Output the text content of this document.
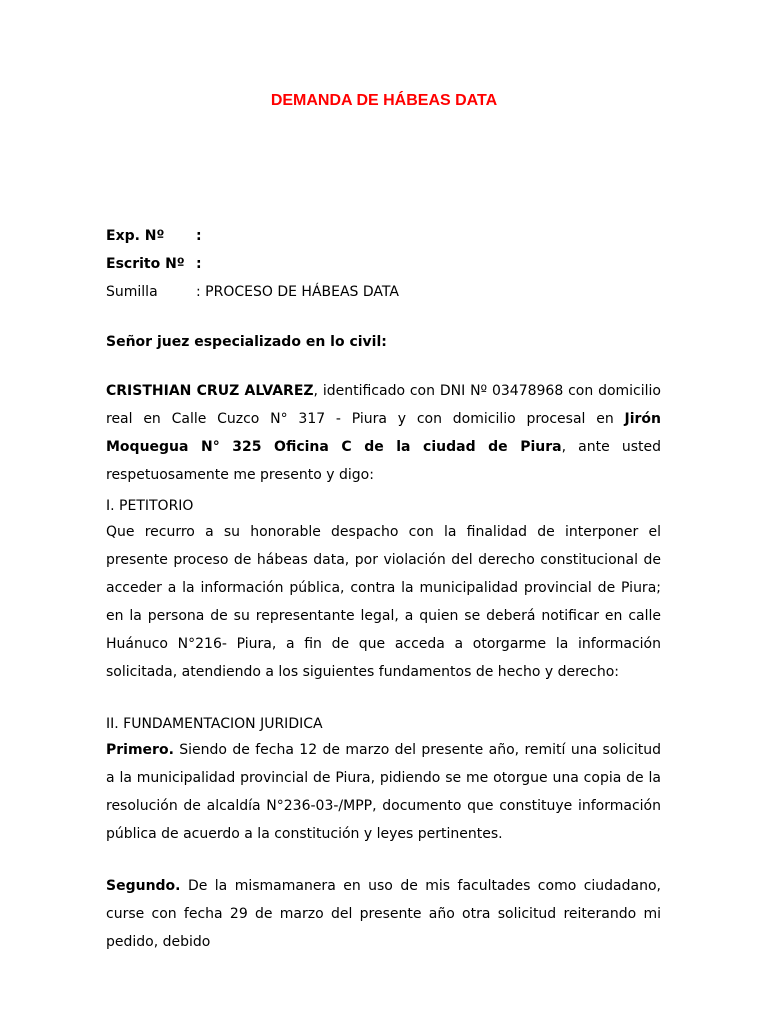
DEMANDA DE HÁBEAS DATA
Exp. Nº :
Escrito Nº :
Sumilla	: PROCESO DE HÁBEAS DATA
Señor juez especializado en lo civil:

CRISTHIAN CRUZ ALVAREZ, identificado con DNI Nº 03478968 con domicilio real en Calle Cuzco N° 317 - Piura y con domicilio procesal en Jirón Moquegua N° 325 Oficina C de la ciudad de Piura, ante usted respetuosamente me presento y digo:

I. PETITORIO

Que recurro a su honorable despacho con la finalidad de interponer el presente proceso de hábeas data, por violación del derecho constitucional de acceder a la información pública, contra la municipalidad provincial de Piura; en la persona de su representante legal, a quien se deberá notificar en calle Huánuco N°216- Piura, a fin de que acceda a otorgarme la información solicitada, atendiendo a los siguientes fundamentos de hecho y derecho:

II. FUNDAMENTACION JURIDICA

Primero. Siendo de fecha 12 de marzo del presente año, remití una solicitud a la municipalidad provincial de Piura, pidiendo se me otorgue una copia de la resolución de alcaldía N°236-03-/MPP, documento que constituye información pública de acuerdo a la constitución y leyes pertinentes.

Segundo. De la mismamanera en uso de mis facultades como ciudadano, curse con fecha 29 de marzo del presente año otra solicitud reiterando mi pedido, debido
